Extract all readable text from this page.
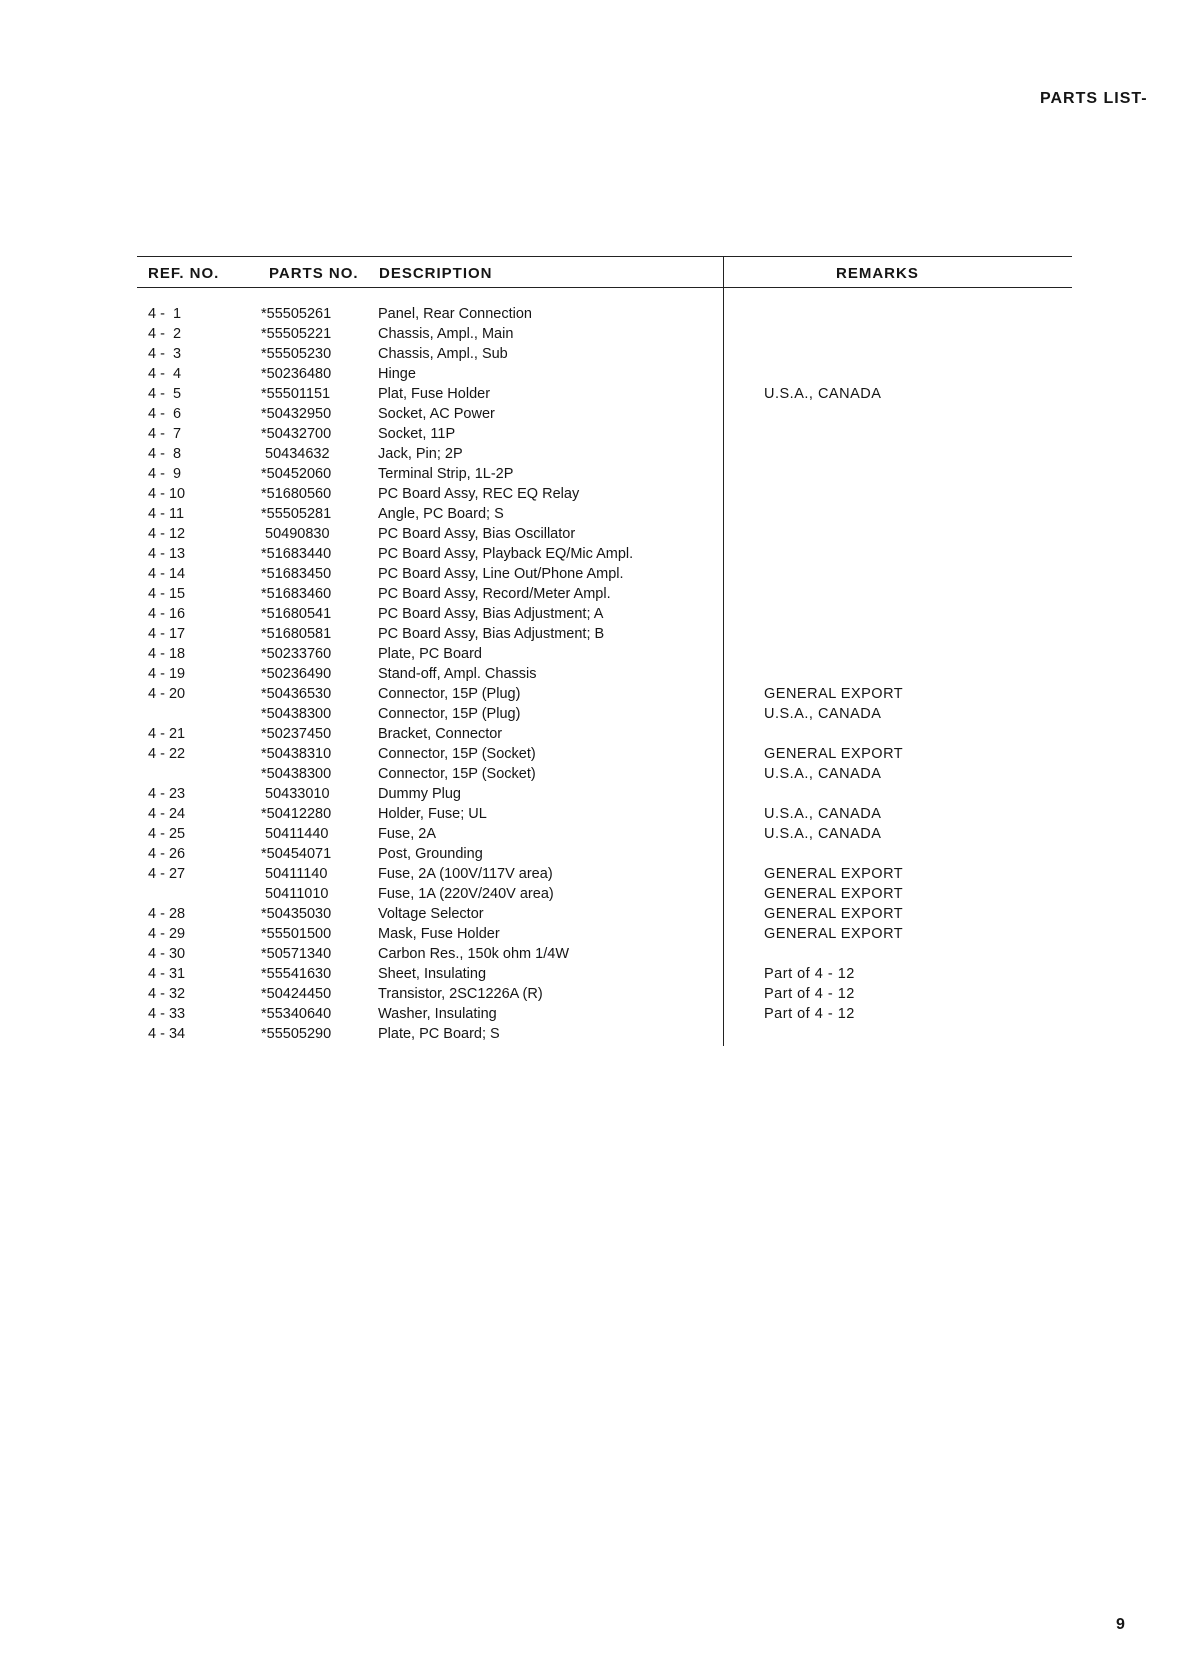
PARTS LIST-
REF. NO.	PARTS NO. DESCRIPTION	REMARKS
4 -  1	*55505261	Panel, Rear Connection
4 -  2	*55505221	Chassis, Ampl., Main
4 -  3	*55505230	Chassis, Ampl., Sub
4 -  4	*50236480	Hinge
4 -  5	*55501151	Plat, Fuse Holder	U.S.A., CANADA
4 -  6	*50432950	Socket, AC Power
4 -  7	*50432700	Socket, 11P
4 -  8	50434632	Jack, Pin; 2P
4 -  9	*50452060	Terminal Strip, 1L-2P
4 - 10	*51680560	PC Board Assy, REC EQ Relay
4 - 11	*55505281	Angle, PC Board; S
4 - 12	50490830	PC Board Assy, Bias Oscillator
4 - 13	*51683440	PC Board Assy, Playback EQ/Mic Ampl.
4 - 14	*51683450	PC Board Assy, Line Out/Phone Ampl.
4 - 15	*51683460	PC Board Assy, Record/Meter Ampl.
4 - 16	*51680541	PC Board Assy, Bias Adjustment; A
4 - 17	*51680581	PC Board Assy, Bias Adjustment; B
4 - 18	*50233760	Plate, PC Board
4 - 19	*50236490	Stand-off, Ampl. Chassis
4 - 20	*50436530	Connector, 15P (Plug)	GENERAL EXPORT
*50438300	Connector, 15P (Plug)	U.S.A., CANADA
4 - 21	*50237450	Bracket, Connector
4 - 22	*50438310	Connector, 15P (Socket)	GENERAL EXPORT
*50438300	Connector, 15P (Socket)	U.S.A., CANADA
4 - 23	50433010	Dummy Plug
4 - 24	*50412280	Holder, Fuse; UL	U.S.A., CANADA
4 - 25	50411440	Fuse, 2A	U.S.A., CANADA
4 - 26	*50454071	Post, Grounding
4 - 27	50411140	Fuse, 2A (100V/117V area)	GENERAL EXPORT
50411010	Fuse, 1A (220V/240V area)	GENERAL EXPORT
4 - 28	*50435030	Voltage Selector	GENERAL EXPORT
4 - 29	*55501500	Mask, Fuse Holder	GENERAL EXPORT
4 - 30	*50571340	Carbon Res., 150k ohm 1/4W
4 - 31	*55541630	Sheet, Insulating	Part of 4 - 12
4 - 32	*50424450	Transistor, 2SC1226A (R)	Part of 4 - 12
4 - 33	*55340640	Washer, Insulating	Part of 4 - 12
4 - 34	*55505290	Plate, PC Board; S
9
